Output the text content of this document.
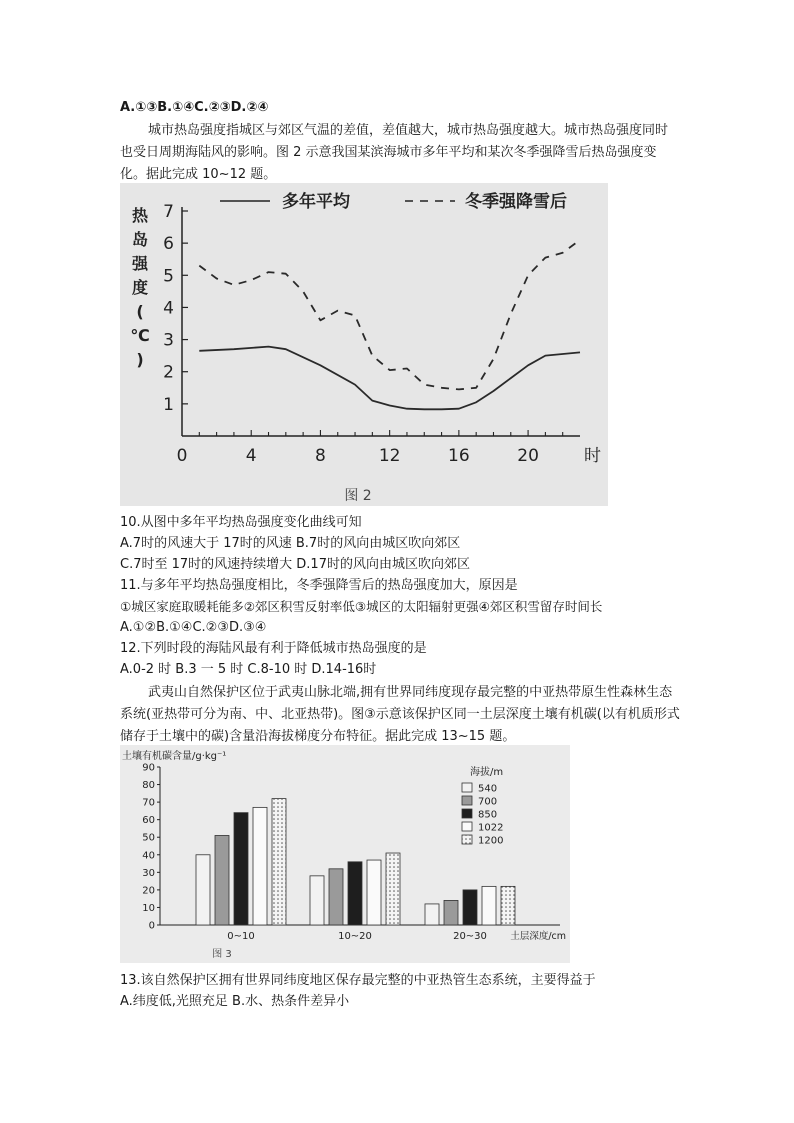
A.①③B.①④C.②③D.②④
城市热岛强度指城区与郊区气温的差值，差值越大，城市热岛强度越大。城市热岛强度同时也受日周期海陆风的影响。图 2 示意我国某滨海城市多年平均和某次冬季强降雪后热岛强度变化。据此完成 10~12 题。
1
2
3
4
5
6
7
0	4	8	12	16	20	时
热
岛
强
度
(
℃
)
多年平均	冬季强降雪后
图 2
10.从图中多年平均热岛强度变化曲线可知
A.7时的风速大于 17时的风速 B.7时的风向由城区吹向郊区
C.7时至 17时的风速持续增大 D.17时的风向由城区吹向郊区
11.与多年平均热岛强度相比，冬季强降雪后的热岛强度加大，原因是
①城区家庭取暖耗能多②郊区积雪反射率低③城区的太阳辐射更强④郊区积雪留存时间长
A.①②B.①④C.②③D.③④
12.下列时段的海陆风最有利于降低城市热岛强度的是
A.0-2 时 B.3 一 5 时 C.8-10 时 D.14-16时
武夷山自然保护区位于武夷山脉北端,拥有世界同纬度现存最完整的中亚热带原生性森林生态系统(亚热带可分为南、中、北亚热带)。图③示意该保护区同一土层深度土壤有机碳(以有机质形式储存于土壤中的碳)含量沿海拔梯度分布特征。据此完成 13~15 题。
土壤有机碳含量/g·kg⁻¹
0
10
20
30
40
50
60
70
80
90
0~10	10~20	20~30 土层深度/cm
海拔/m
540
700
850
1022
1200
图 3
13.该自然保护区拥有世界同纬度地区保存最完整的中亚热管生态系统，主要得益于
A.纬度低,光照充足 B.水、热条件差异小
